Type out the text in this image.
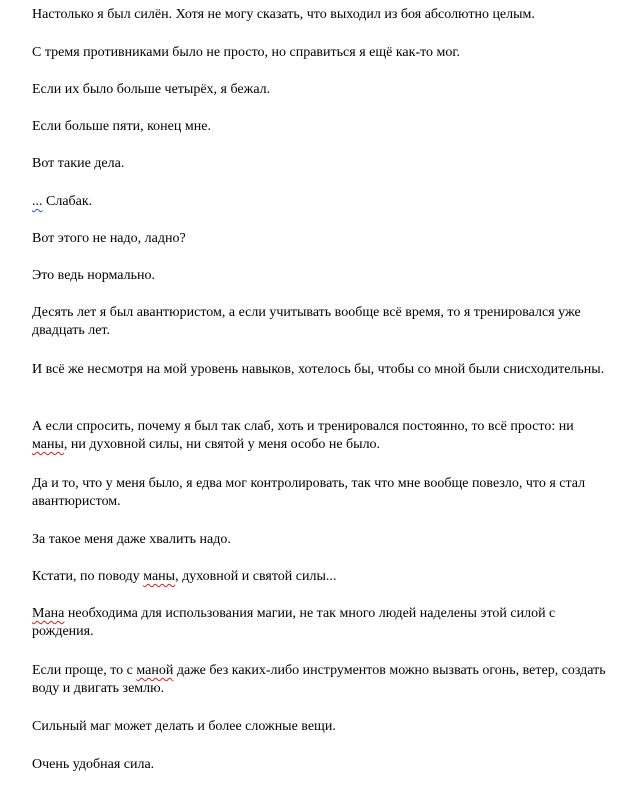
Настолько я был силён. Хотя не могу сказать, что выходил из боя абсолютно целым.

С тремя противниками было не просто, но справиться я ещё как-то мог.

Если их было больше четырёх, я бежал.

Если больше пяти, конец мне.

Вот такие дела.

... Слабак.

Вот этого не надо, ладно?

Это ведь нормально.

Десять лет я был авантюристом, а если учитывать вообще всё время, то я тренировался уже двадцать лет.

И всё же несмотря на мой уровень навыков, хотелось бы, чтобы со мной были снисходительны.

А если спросить, почему я был так слаб, хоть и тренировался постоянно, то всё просто: ни маны, ни духовной силы, ни святой у меня особо не было.

Да и то, что у меня было, я едва мог контролировать, так что мне вообще повезло, что я стал авантюристом.

За такое меня даже хвалить надо.

Кстати, по поводу маны, духовной и святой силы...

Мана необходима для использования магии, не так много людей наделены этой силой с рождения.

Если проще, то с маной даже без каких-либо инструментов можно вызвать огонь, ветер, создать воду и двигать землю.

Сильный маг может делать и более сложные вещи.

Очень удобная сила.
